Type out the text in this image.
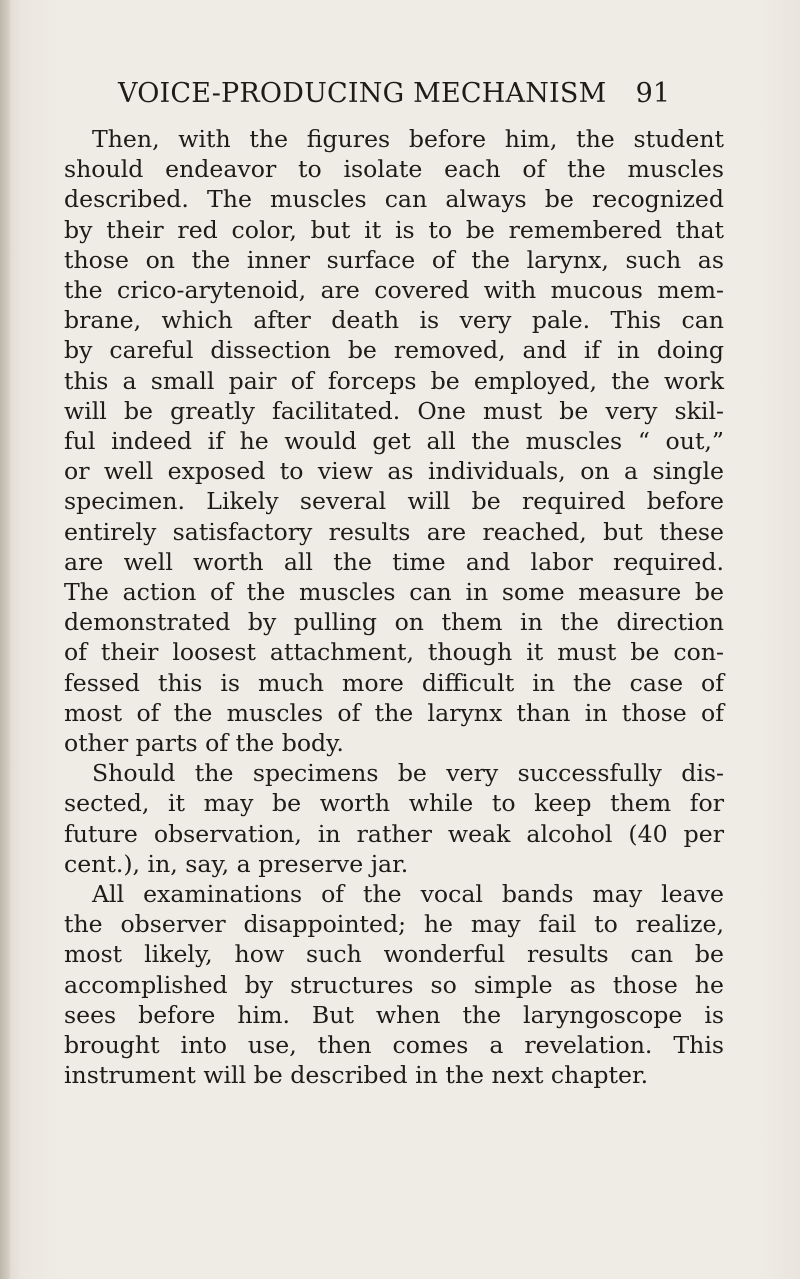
VOICE-PRODUCING MECHANISM 91
Then, with the figures before him, the student
should endeavor to isolate each of the muscles
described. The muscles can always be recognized
by their red color, but it is to be remembered that
those on the inner surface of the larynx, such as
the crico-arytenoid, are covered with mucous mem-
brane, which after death is very pale. This can
by careful dissection be removed, and if in doing
this a small pair of forceps be employed, the work
will be greatly facilitated. One must be very skil-
ful indeed if he would get all the muscles “ out,”
or well exposed to view as individuals, on a single
specimen. Likely several will be required before
entirely satisfactory results are reached, but these
are well worth all the time and labor required.
The action of the muscles can in some measure be
demonstrated by pulling on them in the direction
of their loosest attachment, though it must be con-
fessed this is much more difficult in the case of
most of the muscles of the larynx than in those of
other parts of the body.
Should the specimens be very successfully dis-
sected, it may be worth while to keep them for
future observation, in rather weak alcohol (40 per
cent.), in, say, a preserve jar.
All examinations of the vocal bands may leave
the observer disappointed; he may fail to realize,
most likely, how such wonderful results can be
accomplished by structures so simple as those he
sees before him. But when the laryngoscope is
brought into use, then comes a revelation. This
instrument will be described in the next chapter.
